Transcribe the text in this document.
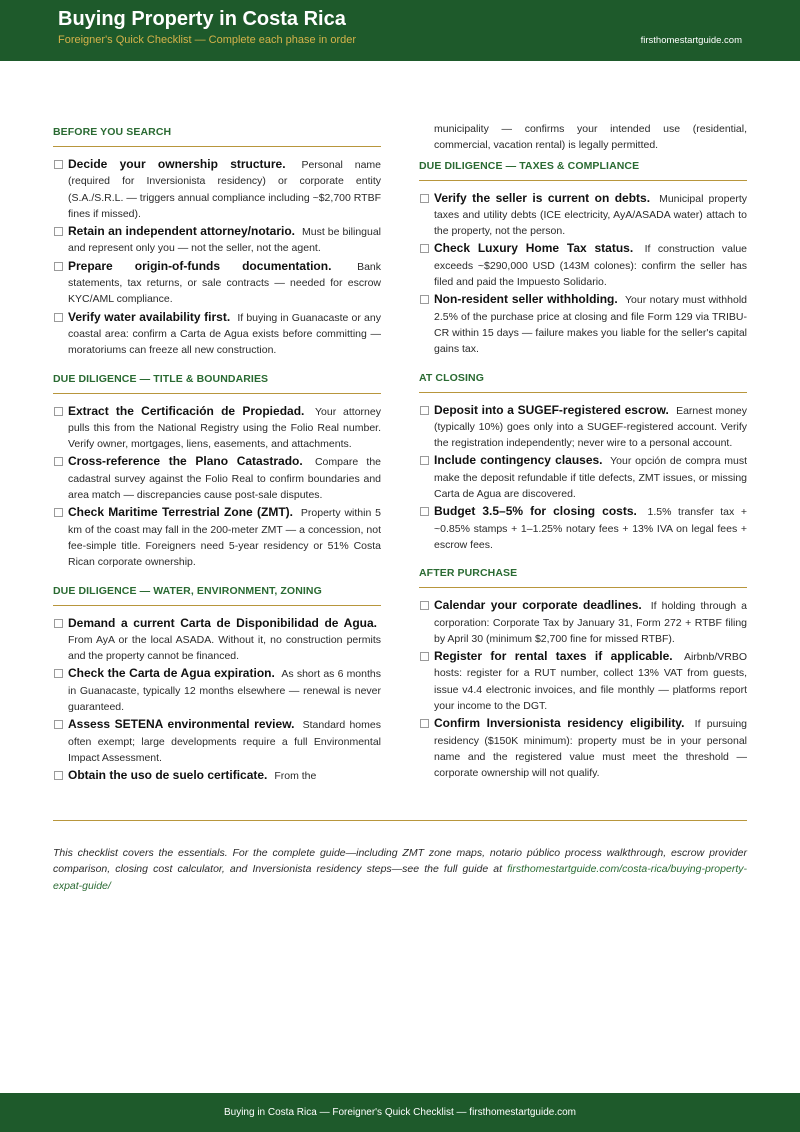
Buying Property in Costa Rica
Foreigner's Quick Checklist — Complete each phase in order	firsthomestartguide.com
BEFORE YOU SEARCH
Decide your ownership structure. Personal name (required for Inversionista residency) or corporate entity (S.A./S.R.L. — triggers annual compliance including ~$2,700 RTBF fines if missed).
Retain an independent attorney/notario. Must be bilingual and represent only you — not the seller, not the agent.
Prepare origin-of-funds documentation. Bank statements, tax returns, or sale contracts — needed for escrow KYC/AML compliance.
Verify water availability first. If buying in Guanacaste or any coastal area: confirm a Carta de Agua exists before committing — moratoriums can freeze all new construction.
DUE DILIGENCE — TITLE & BOUNDARIES
Extract the Certificación de Propiedad. Your attorney pulls this from the National Registry using the Folio Real number. Verify owner, mortgages, liens, easements, and attachments.
Cross-reference the Plano Catastrado. Compare the cadastral survey against the Folio Real to confirm boundaries and area match — discrepancies cause post-sale disputes.
Check Maritime Terrestrial Zone (ZMT). Property within 5 km of the coast may fall in the 200-meter ZMT — a concession, not fee-simple title. Foreigners need 5-year residency or 51% Costa Rican corporate ownership.
DUE DILIGENCE — WATER, ENVIRONMENT, ZONING
Demand a current Carta de Disponibilidad de Agua. From AyA or the local ASADA. Without it, no construction permits and the property cannot be financed.
Check the Carta de Agua expiration. As short as 6 months in Guanacaste, typically 12 months elsewhere — renewal is never guaranteed.
Assess SETENA environmental review. Standard homes often exempt; large developments require a full Environmental Impact Assessment.
Obtain the uso de suelo certificate. From the
municipality — confirms your intended use (residential, commercial, vacation rental) is legally permitted.
DUE DILIGENCE — TAXES & COMPLIANCE
Verify the seller is current on debts. Municipal property taxes and utility debts (ICE electricity, AyA/ASADA water) attach to the property, not the person.
Check Luxury Home Tax status. If construction value exceeds ~$290,000 USD (143M colones): confirm the seller has filed and paid the Impuesto Solidario.
Non-resident seller withholding. Your notary must withhold 2.5% of the purchase price at closing and file Form 129 via TRIBU-CR within 15 days — failure makes you liable for the seller's capital gains tax.
AT CLOSING
Deposit into a SUGEF-registered escrow. Earnest money (typically 10%) goes only into a SUGEF-registered account. Verify the registration independently; never wire to a personal account.
Include contingency clauses. Your opción de compra must make the deposit refundable if title defects, ZMT issues, or missing Carta de Agua are discovered.
Budget 3.5–5% for closing costs. 1.5% transfer tax + ~0.85% stamps + 1–1.25% notary fees + 13% IVA on legal fees + escrow fees.
AFTER PURCHASE
Calendar your corporate deadlines. If holding through a corporation: Corporate Tax by January 31, Form 272 + RTBF filing by April 30 (minimum $2,700 fine for missed RTBF).
Register for rental taxes if applicable. Airbnb/VRBO hosts: register for a RUT number, collect 13% VAT from guests, issue v4.4 electronic invoices, and file monthly — platforms report your income to the DGT.
Confirm Inversionista residency eligibility. If pursuing residency ($150K minimum): property must be in your personal name and the registered value must meet the threshold — corporate ownership will not qualify.
This checklist covers the essentials. For the complete guide—including ZMT zone maps, notario público process walkthrough, escrow provider comparison, closing cost calculator, and Inversionista residency steps—see the full guide at firsthomestartguide.com/costa-rica/buying-property-expat-guide/
Buying in Costa Rica — Foreigner's Quick Checklist — firsthomestartguide.com
